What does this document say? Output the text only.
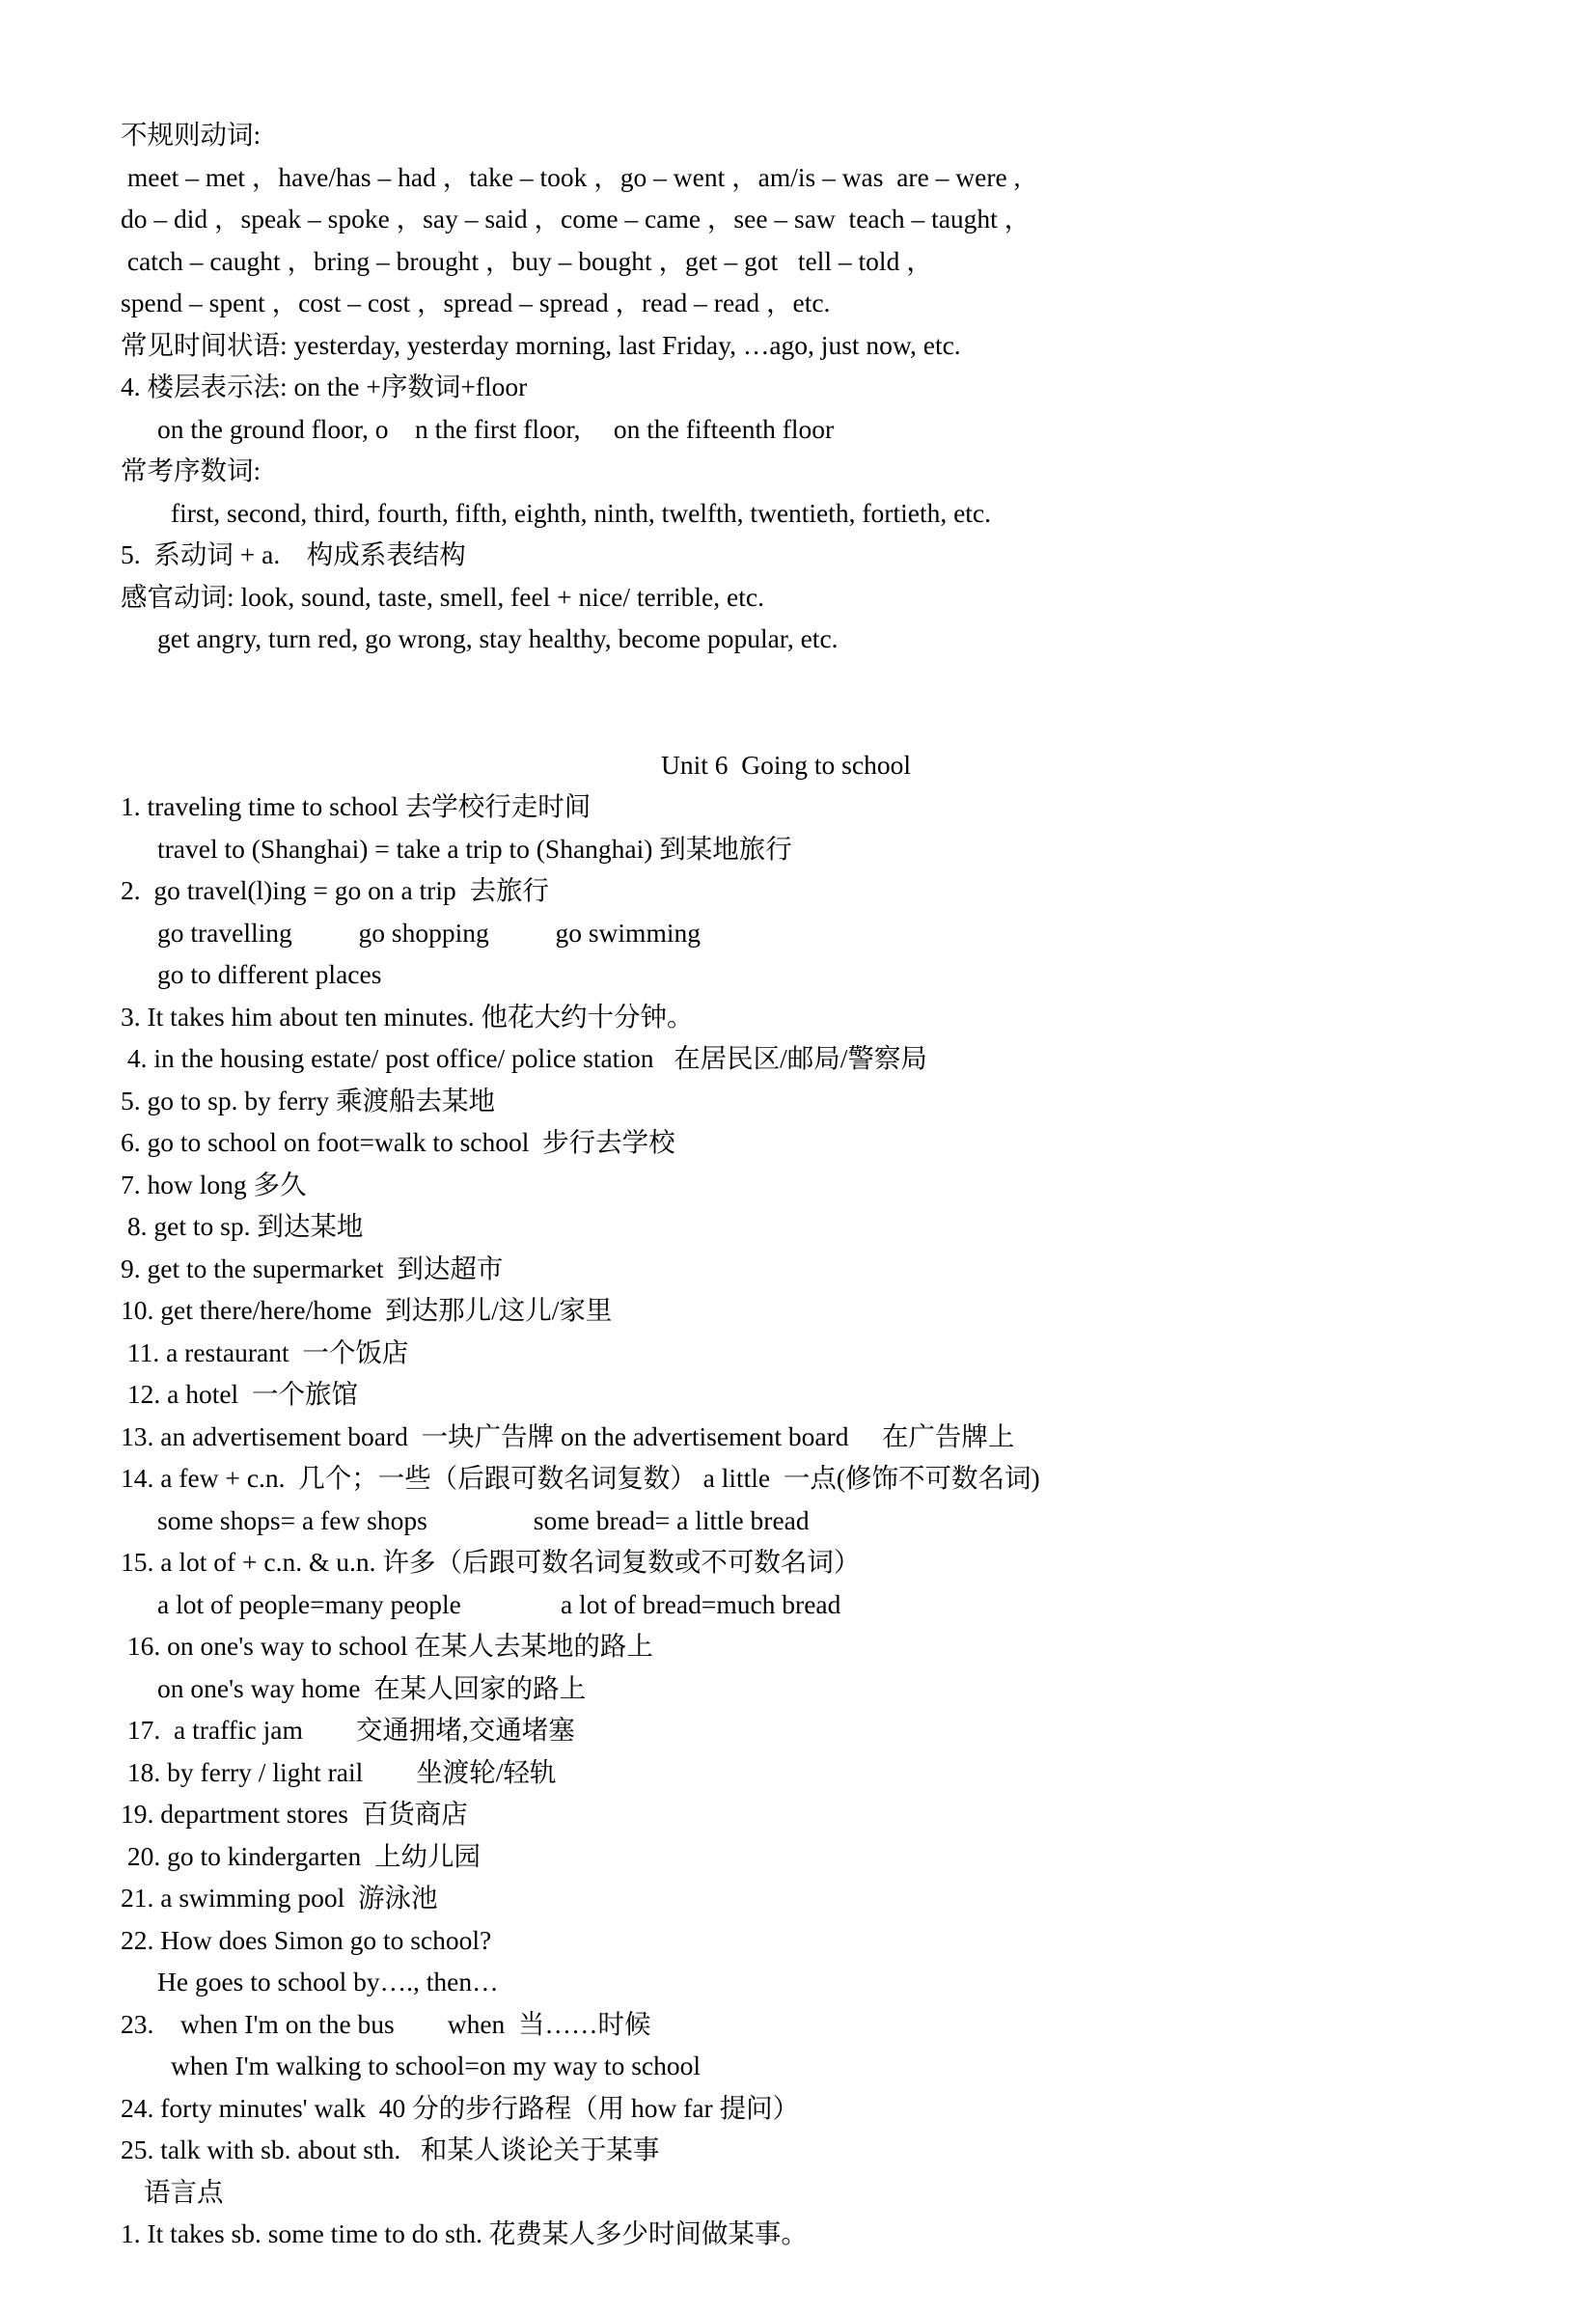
不规则动词:
meet – met ，have/has – had ，take – took ，go – went ，am/is – was  are – were ,
do – did ，speak – spoke ，say – said ，come – came ，see – saw  teach – taught ，
catch – caught ，bring – brought ，buy – bought ，get – got   tell – told ，
spend – spent ，cost – cost ，spread – spread ，read – read ，etc.
常见时间状语: yesterday, yesterday morning, last Friday, …ago, just now, etc.
4. 楼层表示法: on the +序数词+floor
on the ground floor, o    n the first floor,     on the fifteenth floor
常考序数词:
first, second, third, fourth, fifth, eighth, ninth, twelfth, twentieth, fortieth, etc.
5.  系动词 + a.    构成系表结构
感官动词: look, sound, taste, smell, feel + nice/ terrible, etc.
get angry, turn red, go wrong, stay healthy, become popular, etc.
Unit 6  Going to school
1. traveling time to school 去学校行走时间
travel to (Shanghai) = take a trip to (Shanghai) 到某地旅行
2.  go travel(l)ing = go on a trip  去旅行
go travelling          go shopping          go swimming
go to different places
3. It takes him about ten minutes. 他花大约十分钟。
4. in the housing estate/ post office/ police station   在居民区/邮局/警察局
5. go to sp. by ferry 乘渡船去某地
6. go to school on foot=walk to school  步行去学校
7. how long 多久
8. get to sp. 到达某地
9. get to the supermarket  到达超市
10. get there/here/home  到达那儿/这儿/家里
11. a restaurant  一个饭店
12. a hotel  一个旅馆
13. an advertisement board  一块广告牌 on the advertisement board     在广告牌上
14. a few + c.n.  几个；一些（后跟可数名词复数） a little  一点(修饰不可数名词)
some shops= a few shops                some bread= a little bread
15. a lot of + c.n. & u.n. 许多（后跟可数名词复数或不可数名词）
a lot of people=many people               a lot of bread=much bread
16. on one's way to school 在某人去某地的路上
on one's way home  在某人回家的路上
17.  a traffic jam        交通拥堵,交通堵塞
18. by ferry / light rail        坐渡轮/轻轨
19. department stores  百货商店
20. go to kindergarten  上幼儿园
21. a swimming pool  游泳池
22. How does Simon go to school?
He goes to school by…., then…
23.    when I'm on the bus        when  当……时候
when I'm walking to school=on my way to school
24. forty minutes' walk  40 分的步行路程（用 how far 提问）
25. talk with sb. about sth.   和某人谈论关于某事
语言点
1. It takes sb. some time to do sth. 花费某人多少时间做某事。
